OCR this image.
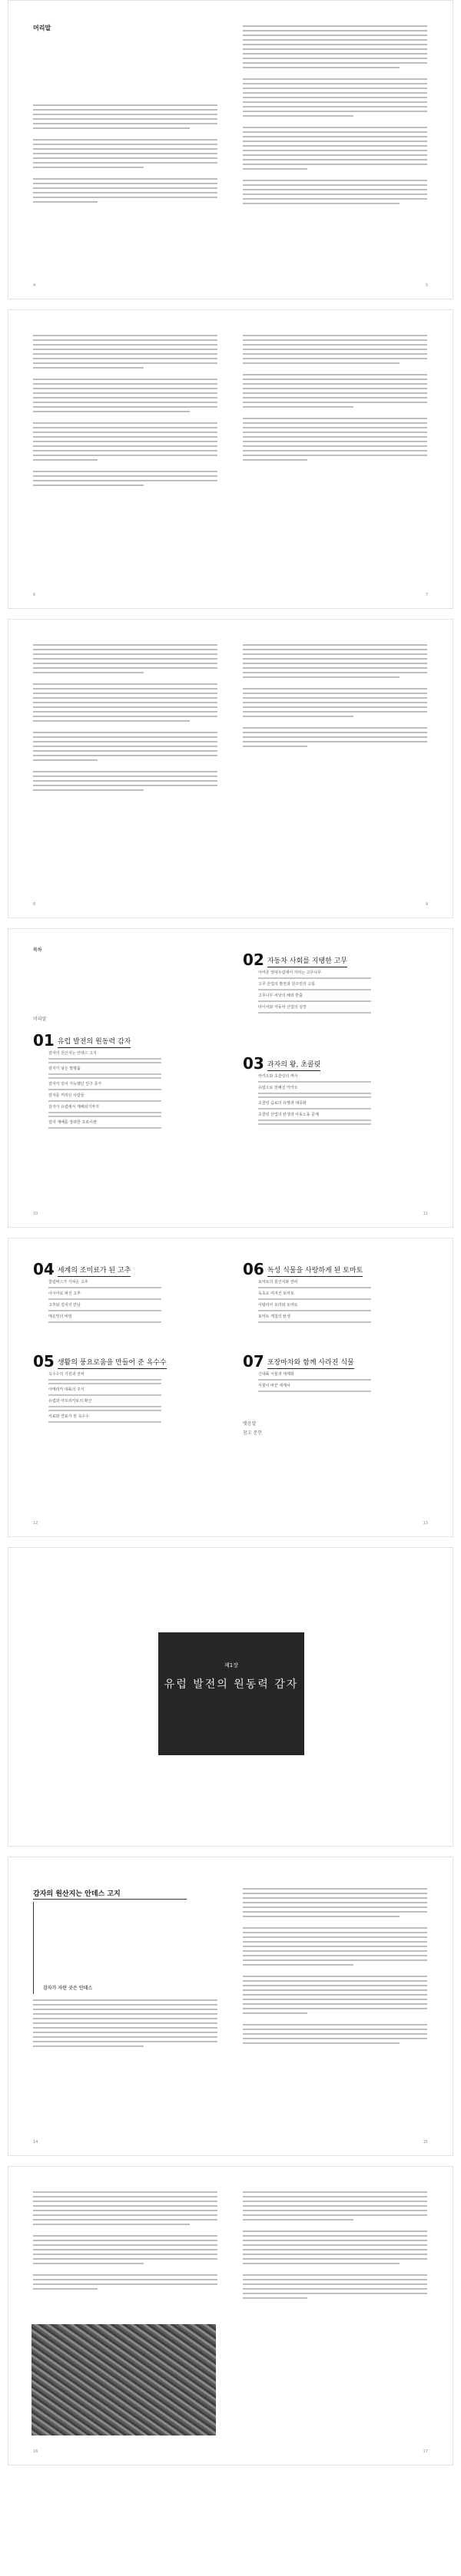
머리말
4	5
6	7
8	9
목차
머리말
01 유럽 발전의 원동력 감자
감자의 원산지는 안데스 고지
감자가 낳은 발명품
감자가 있어 가능했던 인구 증가
감자를 꺼리던 사람들
감자가 유럽에서 재배되기까지
감자 재배를 장려한 프로이센
02 자동차 사회를 지탱한 고무
아마존 열대우림에서 자라는 고무나무
고무 산업의 발전과 원주민의 고통
고무나무 씨앗의 해외 반출
타이어와 자동차 산업의 성장
03 과자의 왕, 초콜릿
카카오와 초콜릿의 역사
유럽으로 전해진 카카오
초콜릿 음료의 유행과 대중화
초콜릿 산업의 탄생과 아동노동 문제
10	11
04 세계의 조미료가 된 고추
콜럼버스가 가져온 고추
아시아로 퍼진 고추
고추와 김치의 만남
매운맛의 비밀
05 생활의 풍요로움을 만들어 준 옥수수
옥수수의 기원과 전파
아메리카 대륙의 주식
유럽과 아프리카로의 확산
사료와 연료가 된 옥수수
06 독성 식물을 사랑하게 된 토마토
토마토의 원산지와 전파
독초로 여겨진 토마토
이탈리아 요리와 토마토
토마토 케첩의 탄생
07 포장마차와 함께 사라진 식물
신대륙 식물과 세계화
식물이 바꾼 세계사
맺음말
참고 문헌
12	13
제1장
유럽 발전의 원동력 감자
감자의 원산지는 안데스 고지
감자가 자란 곳은 안데스
14	15
16	17
